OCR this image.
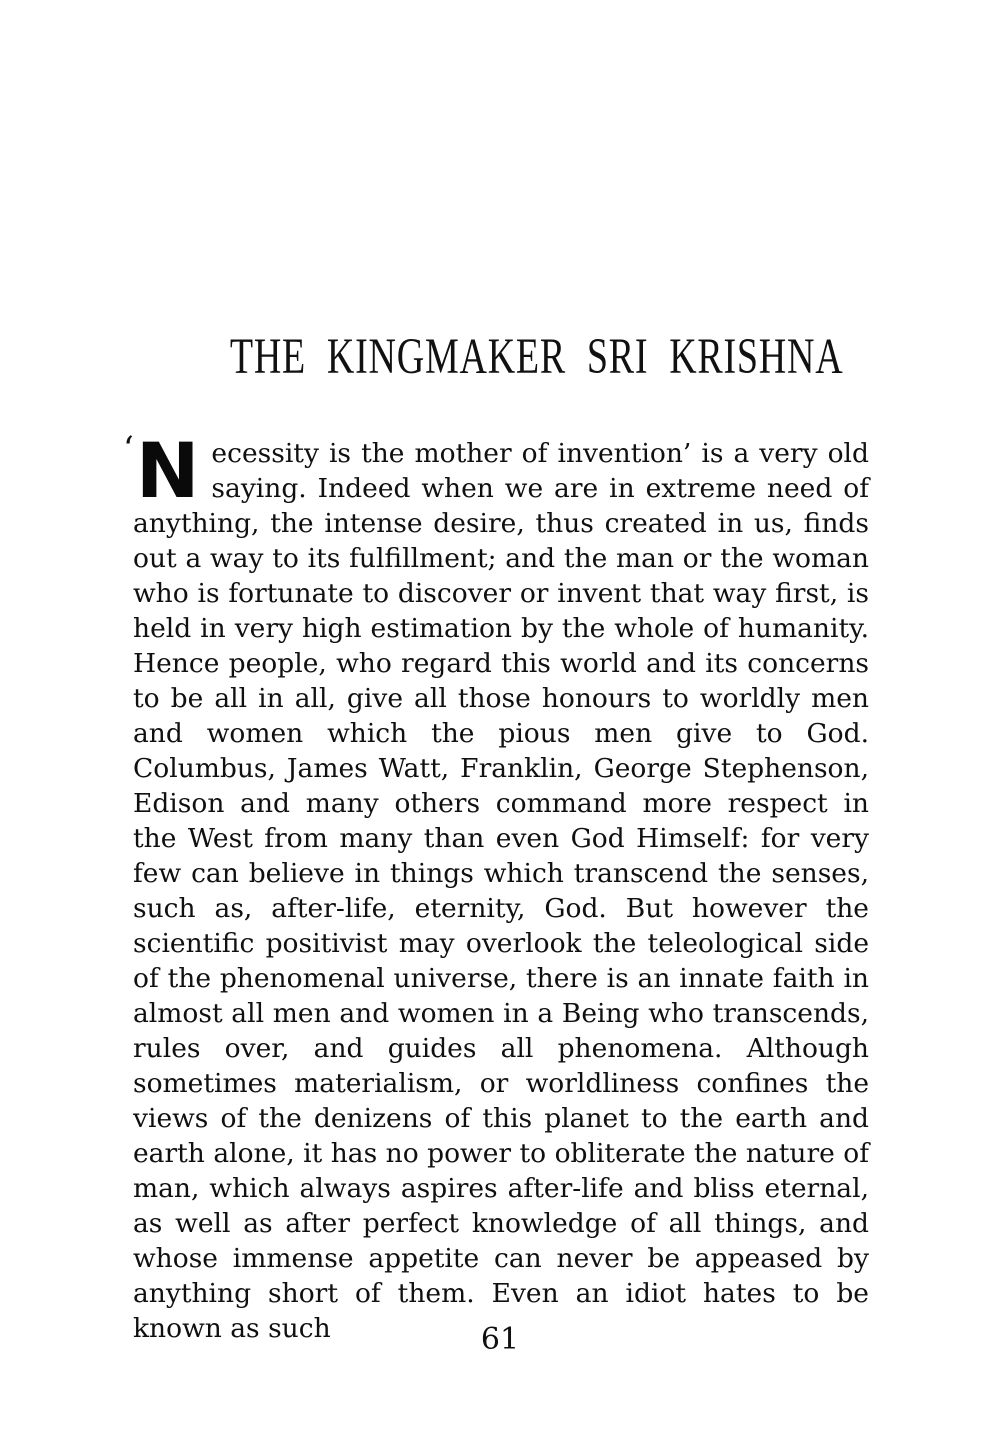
THE KINGMAKER SRI KRISHNA

‘ N ecessity is the mother of invention’ is a very old saying. Indeed when we are in extreme need of anything, the intense desire, thus created in us, finds out a way to its fulfillment; and the man or the woman who is fortunate to discover or invent that way first, is held in very high estimation by the whole of humanity. Hence people, who regard this world and its concerns to be all in all, give all those honours to worldly men and women which the pious men give to God. Columbus, James Watt, Franklin, George Stephenson, Edison and many others command more respect in the West from many than even God Himself: for very few can believe in things which transcend the senses, such as, after-life, eternity, God. But however the scientific positivist may overlook the teleological side of the phenomenal universe, there is an innate faith in almost all men and women in a Being who transcends, rules over, and guides all phenomena. Although sometimes materialism, or worldliness confines the views of the denizens of this planet to the earth and earth alone, it has no power to obliterate the nature of man, which always aspires after-life and bliss eternal, as well as after perfect knowledge of all things, and whose immense appetite can never be appeased by anything short of them. Even an idiot hates to be known as such	61
